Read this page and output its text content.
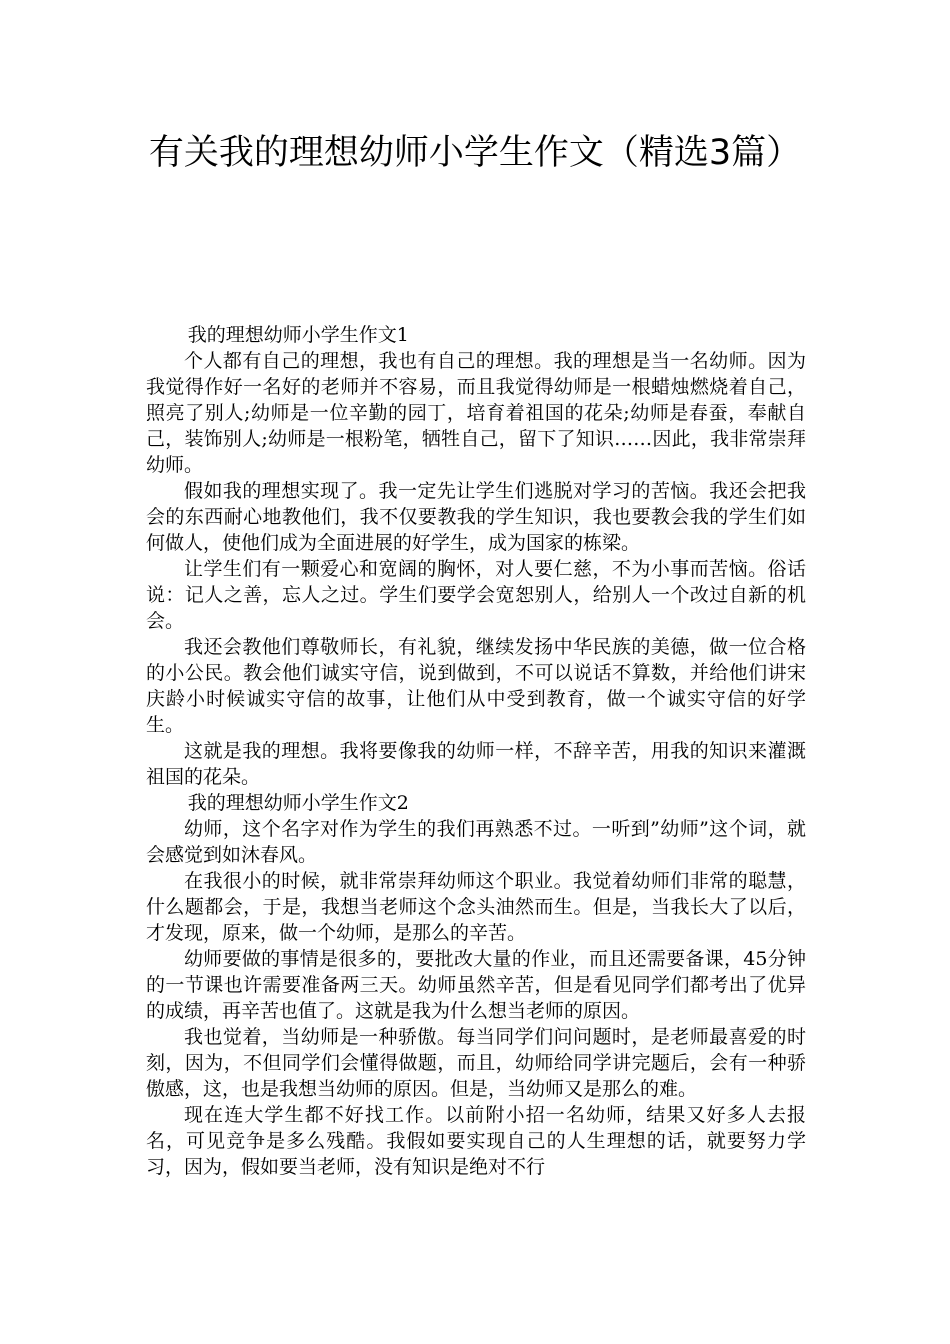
有关我的理想幼师小学生作文（精选3篇）

我的理想幼师小学生作文1

个人都有自己的理想，我也有自己的理想。我的理想是当一名幼师。因为我觉得作好一名好的老师并不容易，而且我觉得幼师是一根蜡烛燃烧着自己，照亮了别人;幼师是一位辛勤的园丁，培育着祖国的花朵;幼师是春蚕，奉献自己，装饰别人;幼师是一根粉笔，牺牲自己，留下了知识……因此，我非常崇拜幼师。

假如我的理想实现了。我一定先让学生们逃脱对学习的苦恼。我还会把我会的东西耐心地教他们，我不仅要教我的学生知识，我也要教会我的学生们如何做人，使他们成为全面进展的好学生，成为国家的栋梁。

让学生们有一颗爱心和宽阔的胸怀，对人要仁慈，不为小事而苦恼。俗话说：记人之善，忘人之过。学生们要学会宽恕别人，给别人一个改过自新的机会。

我还会教他们尊敬师长，有礼貌，继续发扬中华民族的美德，做一位合格的小公民。教会他们诚实守信，说到做到，不可以说话不算数，并给他们讲宋庆龄小时候诚实守信的故事，让他们从中受到教育，做一个诚实守信的好学生。

这就是我的理想。我将要像我的幼师一样，不辞辛苦，用我的知识来灌溉祖国的花朵。

我的理想幼师小学生作文2

幼师，这个名字对作为学生的我们再熟悉不过。一听到”幼师”这个词，就会感觉到如沐春风。

在我很小的时候，就非常崇拜幼师这个职业。我觉着幼师们非常的聪慧，什么题都会，于是，我想当老师这个念头油然而生。但是，当我长大了以后，才发现，原来，做一个幼师，是那么的辛苦。

幼师要做的事情是很多的，要批改大量的作业，而且还需要备课，45分钟的一节课也许需要准备两三天。幼师虽然辛苦，但是看见同学们都考出了优异的成绩，再辛苦也值了。这就是我为什么想当老师的原因。

我也觉着，当幼师是一种骄傲。每当同学们问问题时，是老师最喜爱的时刻，因为，不但同学们会懂得做题，而且，幼师给同学讲完题后，会有一种骄傲感，这，也是我想当幼师的原因。但是，当幼师又是那么的难。

现在连大学生都不好找工作。以前附小招一名幼师，结果又好多人去报名，可见竞争是多么残酷。我假如要实现自己的人生理想的话，就要努力学习，因为，假如要当老师，没有知识是绝对不行
